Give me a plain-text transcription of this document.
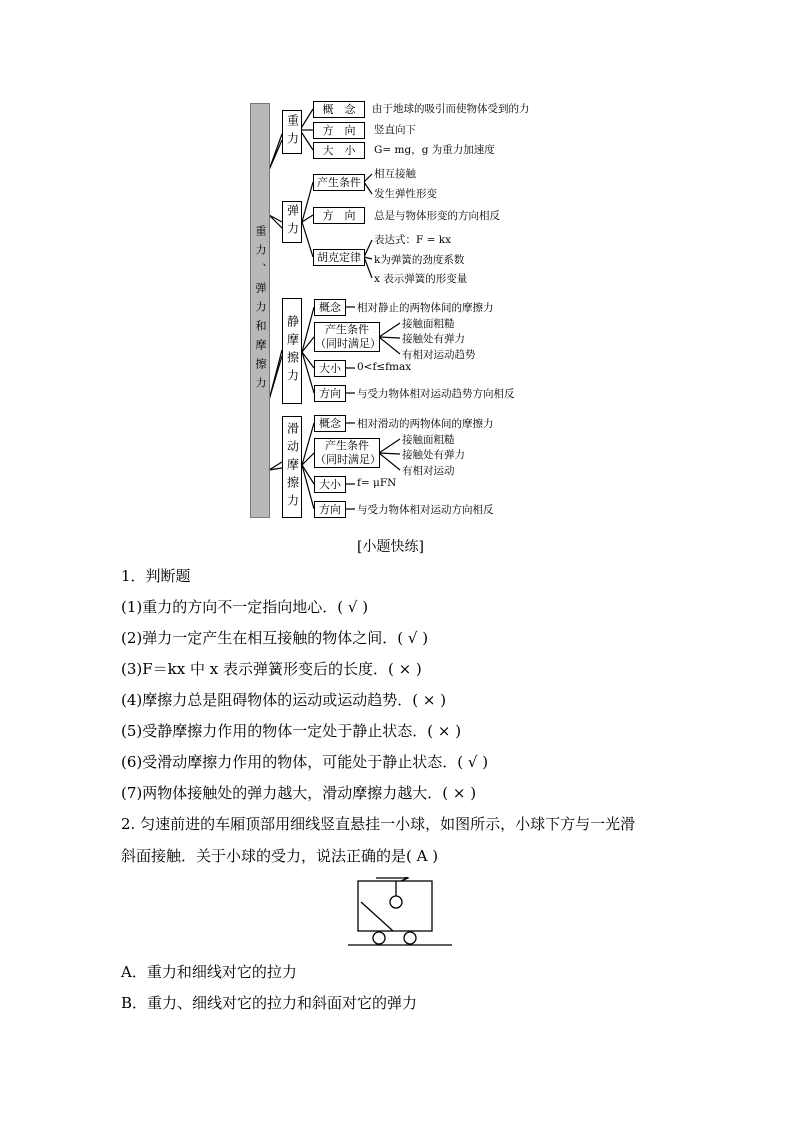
重力、弹力和摩擦力
重力
概　念	由于地球的吸引而使物体受到的力
方　向	竖直向下
大　小	G= mg，g 为重力加速度
弹力
产生条件
相互接触
发生弹性形变
方　向	总是与物体形变的方向相反
胡克定律
表达式：F = kx
k为弹簧的劲度系数
x 表示弹簧的形变量
静摩擦力
概念	相对静止的两物体间的摩擦力
产生条件（同时满足）
接触面粗糙
接触处有弹力
有相对运动趋势
大小	0<f≤fmax
方向	与受力物体相对运动趋势方向相反
滑动摩擦力	概念	相对滑动的两物体间的摩擦力
产生条件（同时满足）
接触面粗糙
接触处有弹力
有相对运动
大小	f= μFN
方向	与受力物体相对运动方向相反
[小题快练]
1．判断题
(1)重力的方向不一定指向地心．( √ )
(2)弹力一定产生在相互接触的物体之间．( √ )
(3)F＝kx 中 x 表示弹簧形变后的长度．( × )
(4)摩擦力总是阻碍物体的运动或运动趋势．( × )
(5)受静摩擦力作用的物体一定处于静止状态．( × )
(6)受滑动摩擦力作用的物体，可能处于静止状态．( √ )
(7)两物体接触处的弹力越大，滑动摩擦力越大．( × )
2. 匀速前进的车厢顶部用细线竖直悬挂一小球，如图所示，小球下方与一光滑
斜面接触．关于小球的受力，说法正确的是( A )
A．重力和细线对它的拉力
B．重力、细线对它的拉力和斜面对它的弹力
